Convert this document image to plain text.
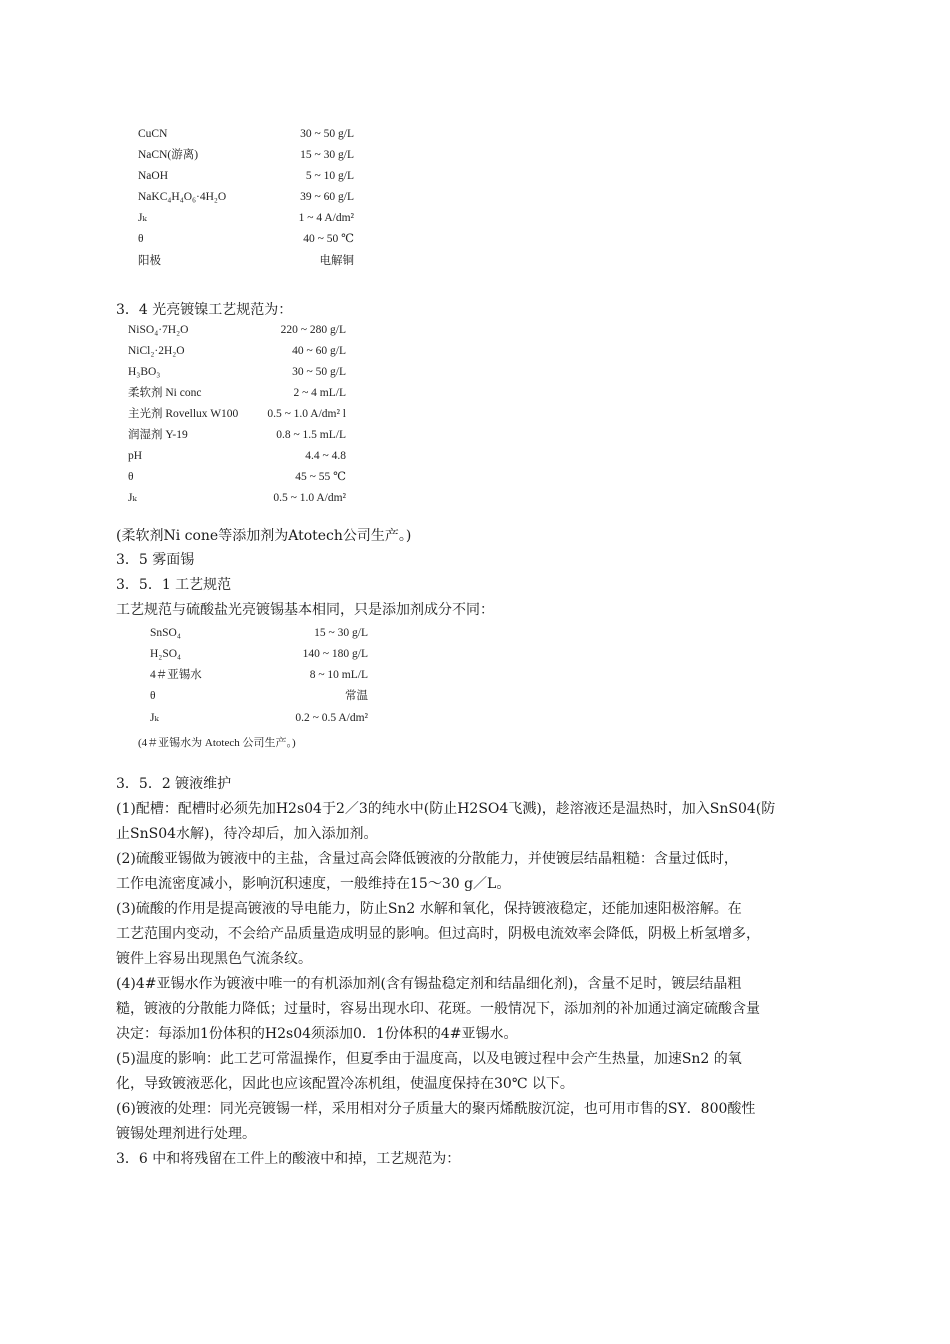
CuCN	30 ~ 50 g/L
NaCN(游离)	15 ~ 30 g/L
NaOH	5 ~ 10 g/L
NaKC₄H₄O₆·4H₂O	39 ~ 60 g/L
Jₖ	1 ~ 4 A/dm²
θ	40 ~ 50 ℃
阳极	电解铜
3．4 光亮镀镍工艺规范为：
NiSO₄·7H₂O	220 ~ 280 g/L
NiCl₂·2H₂O	40 ~ 60 g/L
H₃BO₃	30 ~ 50 g/L
柔软剂 Ni conc	2 ~ 4 mL/L
主光剂 Rovellux W100	0.5 ~ 1.0 A/dm² l
润湿剂 Y-19	0.8 ~ 1.5 mL/L
pH	4.4 ~ 4.8
θ	45 ~ 55 ℃
Jₖ	0.5 ~ 1.0 A/dm²
(柔软剂Ni cone等添加剂为Atotech公司生产。)
3．5 雾面锡
3．5．1 工艺规范
工艺规范与硫酸盐光亮镀锡基本相同，只是添加剂成分不同：
SnSO₄	15 ~ 30 g/L
H₂SO₄	140 ~ 180 g/L
4＃亚锡水	8 ~ 10 mL/L
θ	常温
Jₖ	0.2 ~ 0.5 A/dm²
(4＃亚锡水为 Atotech 公司生产。)
3．5．2 镀液维护
(1)配槽：配槽时必须先加H2s04于2／3的纯水中(防止H2SO4飞溅)，趁溶液还是温热时，加入SnS04(防
止SnS04水解)，待冷却后，加入添加剂。
(2)硫酸亚锡做为镀液中的主盐，含量过高会降低镀液的分散能力，并使镀层结晶粗糙：含量过低时，
工作电流密度减小，影响沉积速度，一般维持在15～30 g／L。
(3)硫酸的作用是提高镀液的导电能力，防止Sn2 水解和氧化，保持镀液稳定，还能加速阳极溶解。在
工艺范围内变动，不会给产品质量造成明显的影响。但过高时，阴极电流效率会降低，阴极上析氢增多，
镀件上容易出现黑色气流条纹。
(4)4#亚锡水作为镀液中唯一的有机添加剂(含有锡盐稳定剂和结晶细化剂)，含量不足时，镀层结晶粗
糙，镀液的分散能力降低；过量时，容易出现水印、花斑。一般情况下，添加剂的补加通过滴定硫酸含量
决定：每添加1份体积的H2s04须添加0．1份体积的4#亚锡水。
(5)温度的影响：此工艺可常温操作，但夏季由于温度高，以及电镀过程中会产生热量，加速Sn2 的氧
化，导致镀液恶化，因此也应该配置冷冻机组，使温度保持在30℃ 以下。
(6)镀液的处理：同光亮镀锡一样，采用相对分子质量大的聚丙烯酰胺沉淀，也可用市售的SY．800酸性
镀锡处理剂进行处理。
3．6 中和将残留在工件上的酸液中和掉，工艺规范为：
